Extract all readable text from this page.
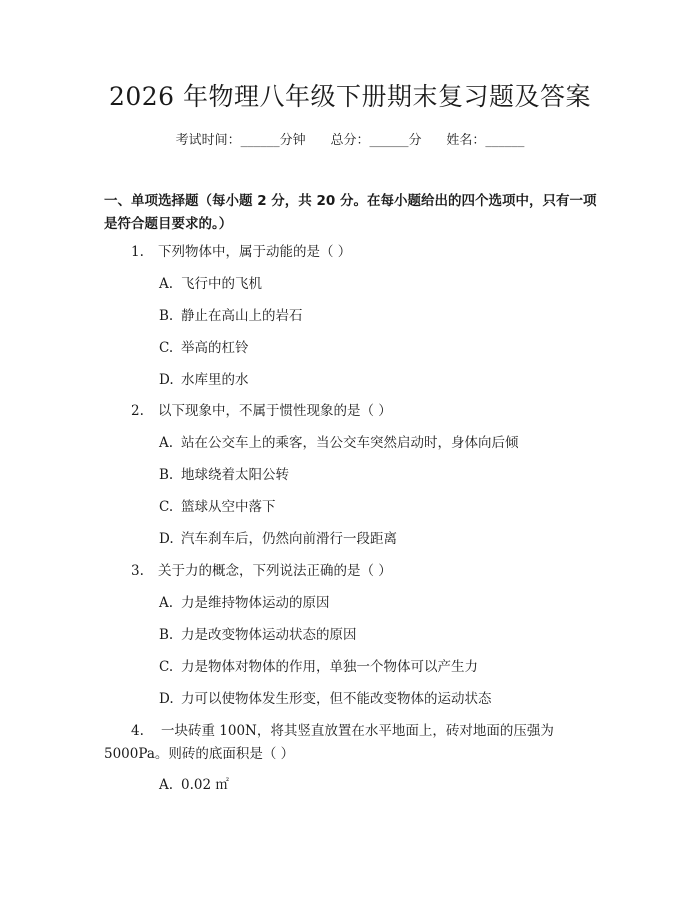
2026 年物理八年级下册期末复习题及答案
考试时间：______分钟 总分：______分 姓名：______
一、单项选择题（每小题 2 分，共 20 分。在每小题给出的四个选项中，只有一项是符合题目要求的。）
1. 下列物体中，属于动能的是（ ）
A. 飞行中的飞机
B. 静止在高山上的岩石
C. 举高的杠铃
D. 水库里的水
2. 以下现象中，不属于惯性现象的是（ ）
A. 站在公交车上的乘客，当公交车突然启动时，身体向后倾
B. 地球绕着太阳公转
C. 篮球从空中落下
D. 汽车刹车后，仍然向前滑行一段距离
3. 关于力的概念，下列说法正确的是（ ）
A. 力是维持物体运动的原因
B. 力是改变物体运动状态的原因
C. 力是物体对物体的作用，单独一个物体可以产生力
D. 力可以使物体发生形变，但不能改变物体的运动状态
4. 一块砖重 100N，将其竖直放置在水平地面上，砖对地面的压强为 5000Pa。则砖的底面积是（ ）
A. 0.02 ㎡
